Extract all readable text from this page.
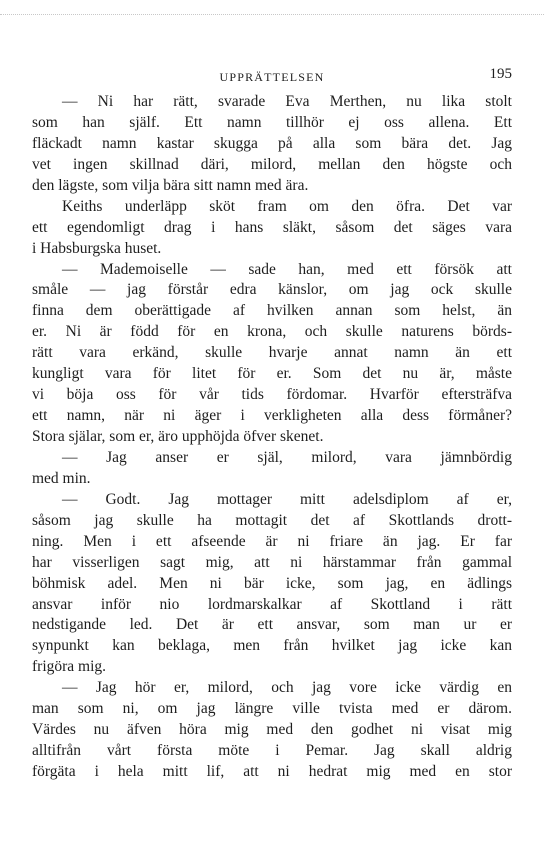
UPPRÄTTELSEN	195
— Ni har rätt, svarade Eva Merthen, nu lika stolt
som han själf. Ett namn tillhör ej oss allena. Ett
fläckadt namn kastar skugga på alla som bära det. Jag
vet ingen skillnad däri, milord, mellan den högste och
den lägste, som vilja bära sitt namn med ära.
Keiths underläpp sköt fram om den öfra. Det var
ett egendomligt drag i hans släkt, såsom det säges vara
i Habsburgska huset.
— Mademoiselle — sade han, med ett försök att
småle — jag förstår edra känslor, om jag ock skulle
finna dem oberättigade af hvilken annan som helst, än
er. Ni är född för en krona, och skulle naturens börds-
rätt vara erkänd, skulle hvarje annat namn än ett
kungligt vara för litet för er. Som det nu är, måste
vi böja oss för vår tids fördomar. Hvarför eftersträfva
ett namn, när ni äger i verkligheten alla dess förmåner?
Stora själar, som er, äro upphöjda öfver skenet.
— Jag anser er själ, milord, vara jämnbördig
med min.
— Godt. Jag mottager mitt adelsdiplom af er,
såsom jag skulle ha mottagit det af Skottlands drott-
ning. Men i ett afseende är ni friare än jag. Er far
har visserligen sagt mig, att ni härstammar från gammal
böhmisk adel. Men ni bär icke, som jag, en ädlings
ansvar inför nio lordmarskalkar af Skottland i rätt
nedstigande led. Det är ett ansvar, som man ur er
synpunkt kan beklaga, men från hvilket jag icke kan
frigöra mig.
— Jag hör er, milord, och jag vore icke värdig en
man som ni, om jag längre ville tvista med er därom.
Värdes nu äfven höra mig med den godhet ni visat mig
alltifrån vårt första möte i Pemar. Jag skall aldrig
förgäta i hela mitt lif, att ni hedrat mig med en stor
